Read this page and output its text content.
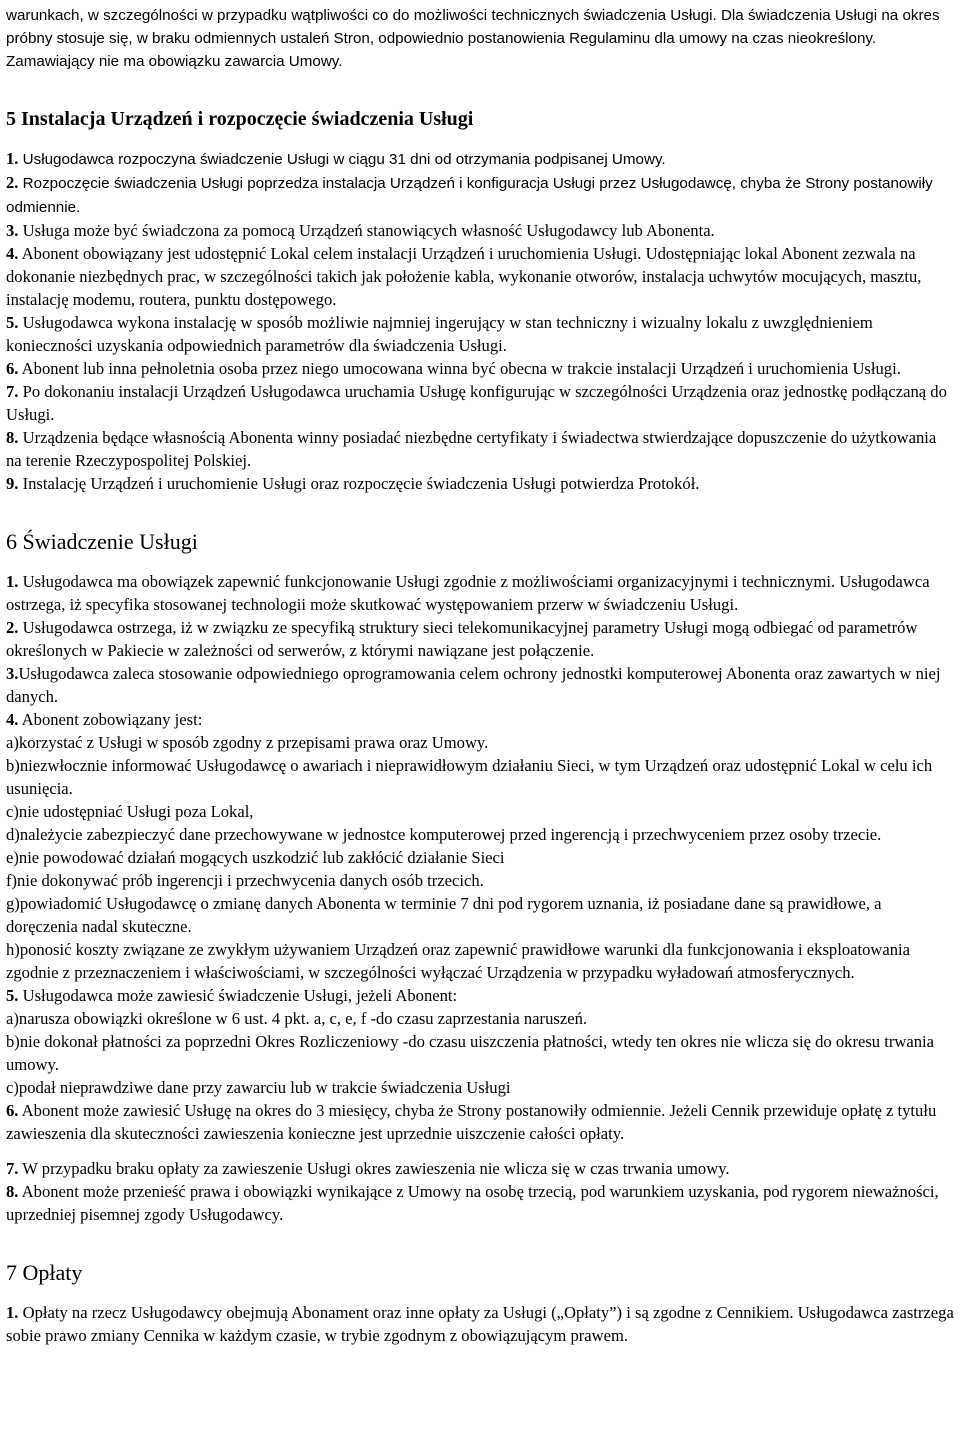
warunkach, w szczególności w przypadku wątpliwości co do możliwości technicznych świadczenia Usługi. Dla świadczenia Usługi na okres próbny stosuje się, w braku odmiennych ustaleń Stron, odpowiednio postanowienia Regulaminu dla umowy na czas nieokreślony. Zamawiający nie ma obowiązku zawarcia Umowy.

5 Instalacja Urządzeń i rozpoczęcie świadczenia Usługi

1. Usługodawca rozpoczyna świadczenie Usługi w ciągu 31 dni od otrzymania podpisanej Umowy.

2. Rozpoczęcie świadczenia Usługi poprzedza instalacja Urządzeń i konfiguracja Usługi przez Usługodawcę, chyba że Strony postanowiły odmiennie.

3. Usługa może być świadczona za pomocą Urządzeń stanowiących własność Usługodawcy lub Abonenta.

4. Abonent obowiązany jest udostępnić Lokal celem instalacji Urządzeń i uruchomienia Usługi. Udostępniając lokal Abonent zezwala na dokonanie niezbędnych prac, w szczególności takich jak położenie kabla, wykonanie otworów, instalacja uchwytów mocujących, masztu, instalację modemu, routera, punktu dostępowego.

5. Usługodawca wykona instalację w sposób możliwie najmniej ingerujący w stan techniczny i wizualny lokalu z uwzględnieniem konieczności uzyskania odpowiednich parametrów dla świadczenia Usługi.

6. Abonent lub inna pełnoletnia osoba przez niego umocowana winna być obecna w trakcie instalacji Urządzeń i uruchomienia Usługi.

7. Po dokonaniu instalacji Urządzeń Usługodawca uruchamia Usługę konfigurując w szczególności Urządzenia oraz jednostkę podłączaną do Usługi.

8. Urządzenia będące własnością Abonenta winny posiadać niezbędne certyfikaty i świadectwa stwierdzające dopuszczenie do użytkowania na terenie Rzeczypospolitej Polskiej.

9. Instalację Urządzeń i uruchomienie Usługi oraz rozpoczęcie świadczenia Usługi potwierdza Protokół.

6 Świadczenie Usługi

1. Usługodawca ma obowiązek zapewnić funkcjonowanie Usługi zgodnie z możliwościami organizacyjnymi i technicznymi. Usługodawca ostrzega, iż specyfika stosowanej technologii może skutkować występowaniem przerw w świadczeniu Usługi.

2. Usługodawca ostrzega, iż w związku ze specyfiką struktury sieci telekomunikacyjnej parametry Usługi mogą odbiegać od parametrów określonych w Pakiecie w zależności od serwerów, z którymi nawiązane jest połączenie.

3.Usługodawca zaleca stosowanie odpowiedniego oprogramowania celem ochrony jednostki komputerowej Abonenta oraz zawartych w niej danych.

4. Abonent zobowiązany jest:

a)korzystać z Usługi w sposób zgodny z przepisami prawa oraz Umowy.

b)niezwłocznie informować Usługodawcę o awariach i nieprawidłowym działaniu Sieci, w tym Urządzeń oraz udostępnić Lokal w celu ich usunięcia.

c)nie udostępniać Usługi poza Lokal,

d)należycie zabezpieczyć dane przechowywane w jednostce komputerowej przed ingerencją i przechwyceniem przez osoby trzecie.

e)nie powodować działań mogących uszkodzić lub zakłócić działanie Sieci

f)nie dokonywać prób ingerencji i przechwycenia danych osób trzecich.

g)powiadomić Usługodawcę o zmianę danych Abonenta w terminie 7 dni pod rygorem uznania, iż posiadane dane są prawidłowe, a doręczenia nadal skuteczne.

h)ponosić koszty związane ze zwykłym używaniem Urządzeń oraz zapewnić prawidłowe warunki dla funkcjonowania i eksploatowania zgodnie z przeznaczeniem i właściwościami, w szczególności wyłączać Urządzenia w przypadku wyładowań atmosferycznych.

5. Usługodawca może zawiesić świadczenie Usługi, jeżeli Abonent:

a)narusza obowiązki określone w 6 ust. 4 pkt. a, c, e, f -do czasu zaprzestania naruszeń.

b)nie dokonał płatności za poprzedni Okres Rozliczeniowy -do czasu uiszczenia płatności, wtedy ten okres nie wlicza się do okresu trwania umowy.

c)podał nieprawdziwe dane przy zawarciu lub w trakcie świadczenia Usługi

6. Abonent może zawiesić Usługę na okres do 3 miesięcy, chyba że Strony postanowiły odmiennie. Jeżeli Cennik przewiduje opłatę z tytułu zawieszenia dla skuteczności zawieszenia konieczne jest uprzednie uiszczenie całości opłaty.

7. W przypadku braku opłaty za zawieszenie Usługi okres zawieszenia nie wlicza się w czas trwania umowy.

8. Abonent może przenieść prawa i obowiązki wynikające z Umowy na osobę trzecią, pod warunkiem uzyskania, pod rygorem nieważności, uprzedniej pisemnej zgody Usługodawcy.

7 Opłaty

1. Opłaty na rzecz Usługodawcy obejmują Abonament oraz inne opłaty za Usługi („Opłaty”) i są zgodne z Cennikiem. Usługodawca zastrzega sobie prawo zmiany Cennika w każdym czasie, w trybie zgodnym z obowiązującym prawem.
